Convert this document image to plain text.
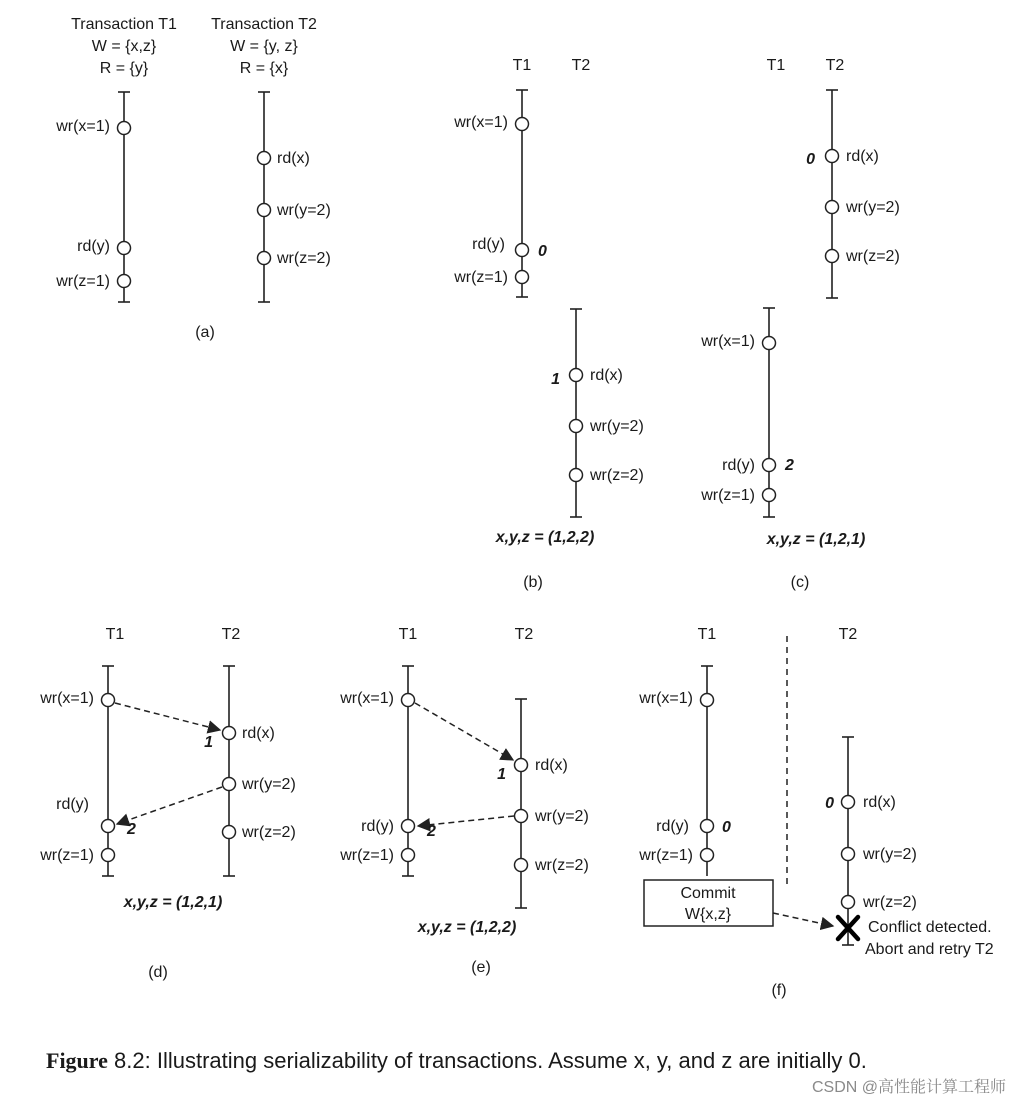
Transaction T1
W = {x,z}
R = {y}
Transaction T2
W = {y, z}
R = {x}
wr(x=1)
rd(y)
wr(z=1)
rd(x)
wr(y=2)
wr(z=2)
(a)
T1	T2
wr(x=1)
rd(y)
wr(z=1)
0
rd(x)
wr(y=2)
wr(z=2)
1
x,y,z = (1,2,2)
(b)
T1	T2
rd(x)
wr(y=2)
wr(z=2)
0
wr(x=1)
rd(y)
wr(z=1)
2
x,y,z = (1,2,1)
(c)
T1	T2
wr(x=1)
rd(y)
wr(z=1)
rd(x)
wr(y=2)
wr(z=2)
1
2
x,y,z = (1,2,1)
(d)
T1	T2
wr(x=1)
rd(y)
wr(z=1)
rd(x)
wr(y=2)
wr(z=2)
1
2
x,y,z = (1,2,2)
(e)
T1	T2
wr(x=1)
rd(y)
wr(z=1)
0
Commit
W{x,z}
rd(x)
wr(y=2)
wr(z=2)
0
Conflict detected.
Abort and retry T2
(f)
Figure 8.2: Illustrating serializability of transactions. Assume x, y, and z are initially 0.
CSDN @高性能计算工程师
